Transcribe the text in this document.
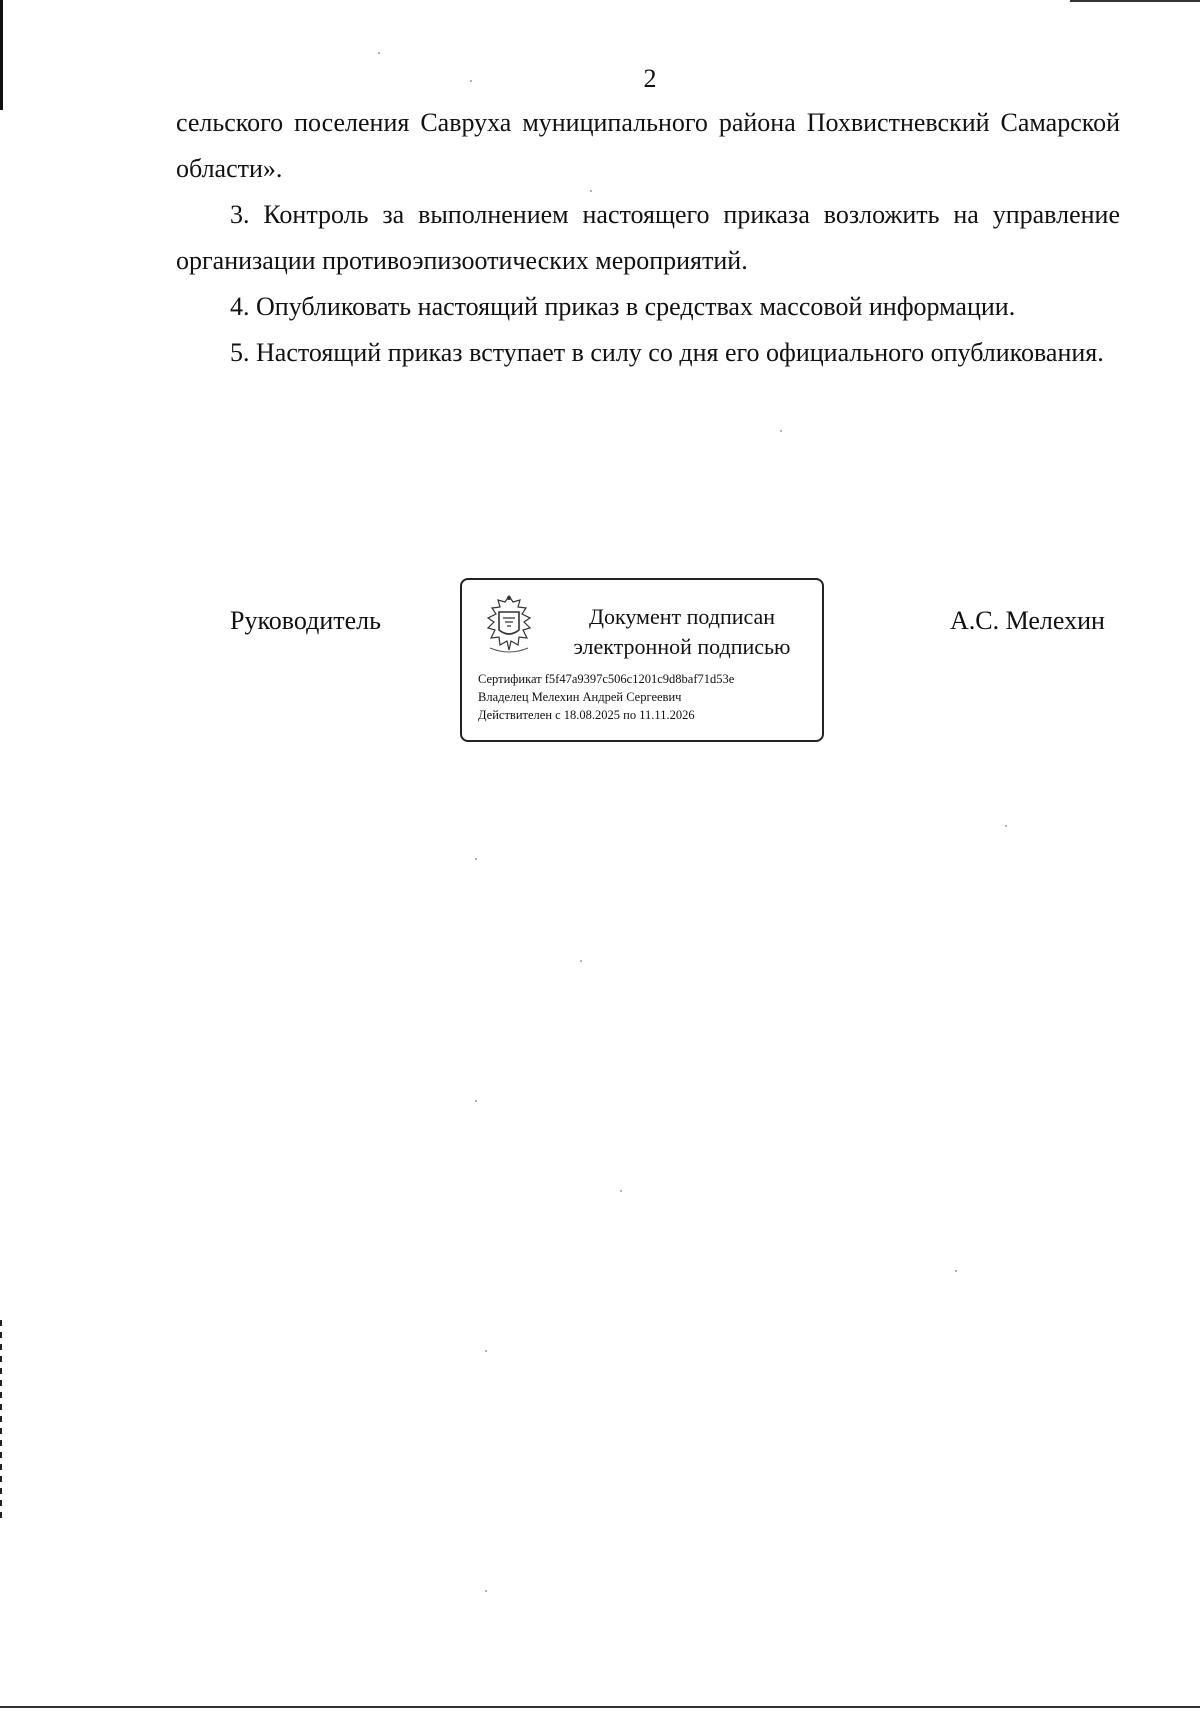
2

сельского поселения Савруха муниципального района Похвистневский Самарской области».

3. Контроль за выполнением настоящего приказа возложить на управление организации противоэпизоотических мероприятий.

4. Опубликовать настоящий приказ в средствах массовой информации.

5. Настоящий приказ вступает в силу со дня его официального опубликования.

Руководитель	Документ подписан
электронной подписью
Сертификат f5f47a9397c506c1201c9d8baf71d53e
Владелец Мелехин Андрей Сергеевич
Действителен с 18.08.2025 по 11.11.2026
А.С. Мелехин
